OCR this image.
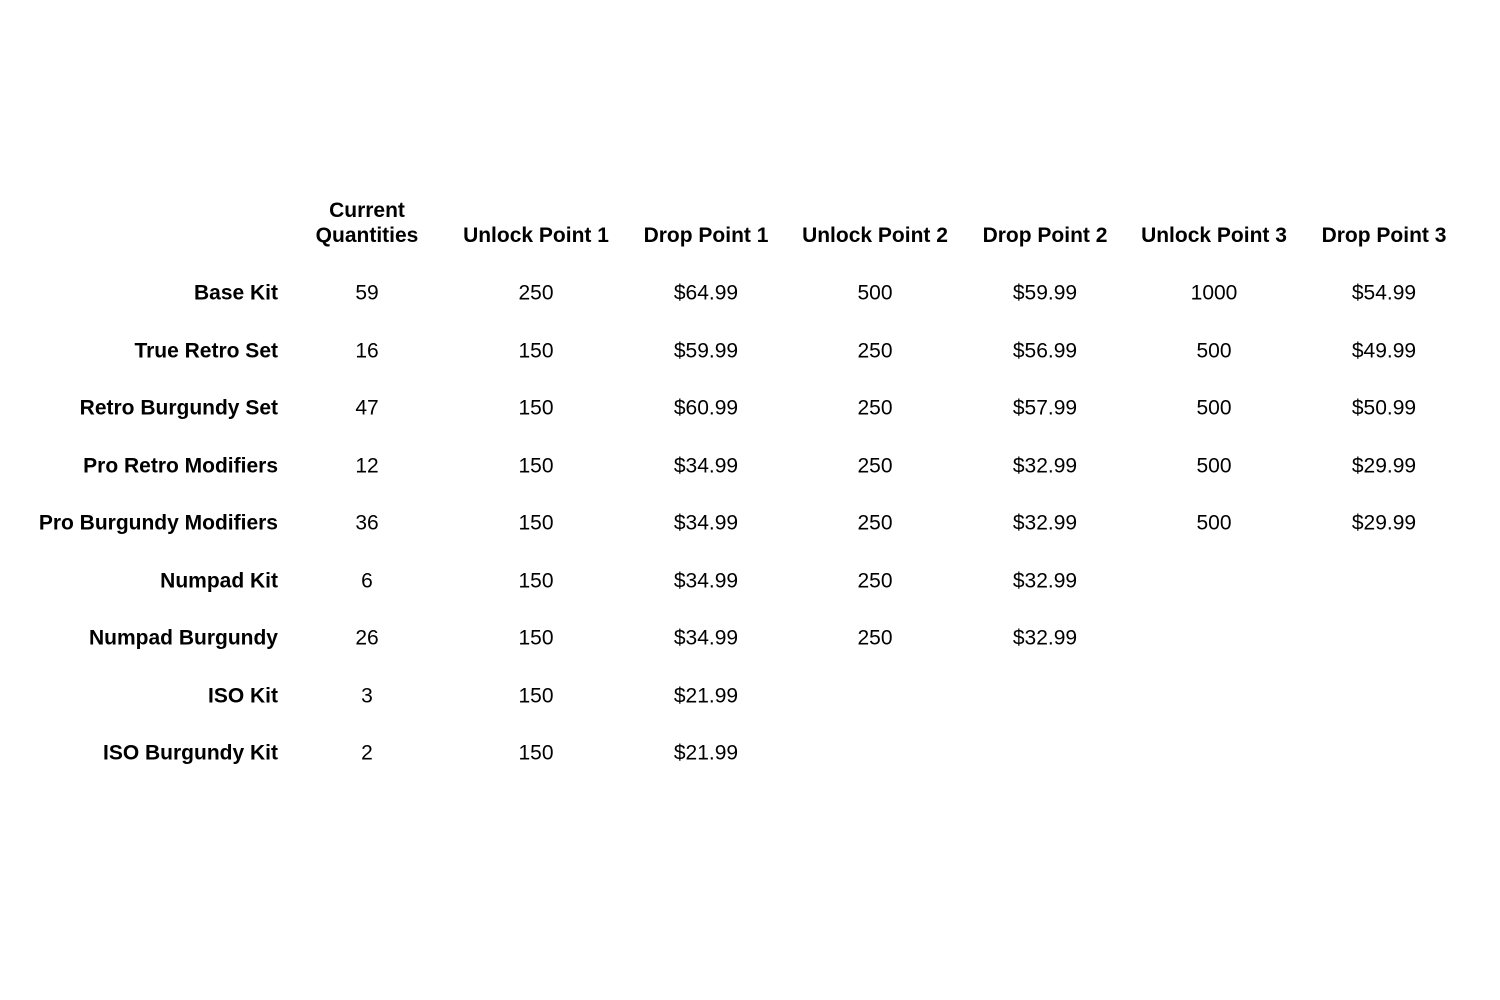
Current Quantities	Unlock Point 1	Drop Point 1	Unlock Point 2	Drop Point 2	Unlock Point 3	Drop Point 3
Base Kit	59	250	$64.99	500	$59.99	1000	$54.99
True Retro Set	16	150	$59.99	250	$56.99	500	$49.99
Retro Burgundy Set	47	150	$60.99	250	$57.99	500	$50.99
Pro Retro Modifiers	12	150	$34.99	250	$32.99	500	$29.99
Pro Burgundy Modifiers	36	150	$34.99	250	$32.99	500	$29.99
Numpad Kit	6	150	$34.99	250	$32.99
Numpad Burgundy	26	150	$34.99	250	$32.99
ISO Kit	3	150	$21.99
ISO Burgundy Kit	2	150	$21.99
